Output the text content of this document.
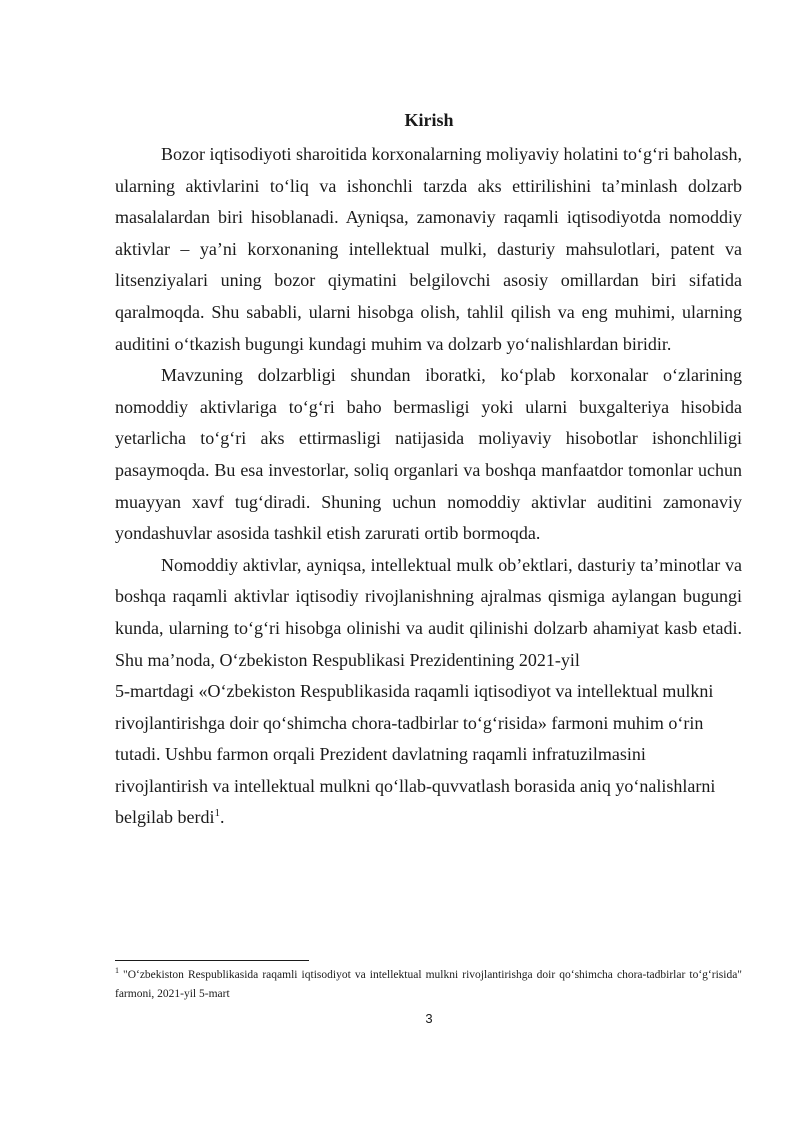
Kirish

Bozor iqtisodiyoti sharoitida korxonalarning moliyaviy holatini to‘g‘ri baholash, ularning aktivlarini to‘liq va ishonchli tarzda aks ettirilishini ta’minlash dolzarb masalalardan biri hisoblanadi. Ayniqsa, zamonaviy raqamli iqtisodiyotda nomoddiy aktivlar – ya’ni korxonaning intellektual mulki, dasturiy mahsulotlari, patent va litsenziyalari uning bozor qiymatini belgilovchi asosiy omillardan biri sifatida qaralmoqda. Shu sababli, ularni hisobga olish, tahlil qilish va eng muhimi, ularning auditini o‘tkazish bugungi kundagi muhim va dolzarb yo‘nalishlardan biridir.

Mavzuning dolzarbligi shundan iboratki, ko‘plab korxonalar o‘zlarining nomoddiy aktivlariga to‘g‘ri baho bermasligi yoki ularni buxgalteriya hisobida yetarlicha to‘g‘ri aks ettirmasligi natijasida moliyaviy hisobotlar ishonchliligi pasaymoqda. Bu esa investorlar, soliq organlari va boshqa manfaatdor tomonlar uchun muayyan xavf tug‘diradi. Shuning uchun nomoddiy aktivlar auditini zamonaviy yondashuvlar asosida tashkil etish zarurati ortib bormoqda.

Nomoddiy aktivlar, ayniqsa, intellektual mulk ob’ektlari, dasturiy ta’minotlar va boshqa raqamli aktivlar iqtisodiy rivojlanishning ajralmas qismiga aylangan bugungi kunda, ularning to‘g‘ri hisobga olinishi va audit qilinishi dolzarb ahamiyat kasb etadi. Shu ma’noda, O‘zbekiston Respublikasi Prezidentining 2021-yil

5-martdagi «O‘zbekiston Respublikasida raqamli iqtisodiyot va intellektual mulkni rivojlantirishga doir qo‘shimcha chora-tadbirlar to‘g‘risida» farmoni muhim o‘rin tutadi. Ushbu farmon orqali Prezident davlatning raqamli infratuzilmasini rivojlantirish va intellektual mulkni qo‘llab-quvvatlash borasida aniq yo‘nalishlarni belgilab berdi$^1$.

$^1$ "O‘zbekiston Respublikasida raqamli iqtisodiyot va intellektual mulkni rivojlantirishga doir qo‘shimcha chora-tadbirlar to‘g‘risida" farmoni, 2021-yil 5-mart
3
